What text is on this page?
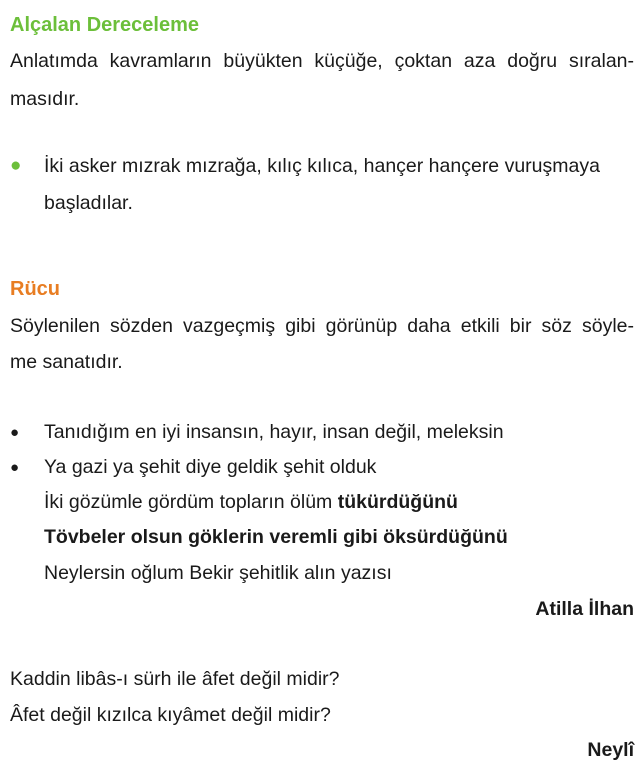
Alçalan Dereceleme
Anlatımda kavramların büyükten küçüğe, çoktan aza doğru sıralan-
masıdır.
● İki asker mızrak mızrağa, kılıç kılıca, hançer hançere vuruşmaya
başladılar.
Rücu
Söylenilen sözden vazgeçmiş gibi görünüp daha etkili bir söz söyle-
me sanatıdır.
● Tanıdığım en iyi insansın, hayır, insan değil, meleksin
● Ya gazi ya şehit diye geldik şehit olduk
İki gözümle gördüm topların ölüm tükürdüğünü
Tövbeler olsun göklerin veremli gibi öksürdüğünü
Neylersin oğlum Bekir şehitlik alın yazısı
Atilla İlhan
Kaddin libâs-ı sürh ile âfet değil midir?
Âfet değil kızılca kıyâmet değil midir?
Neylî
